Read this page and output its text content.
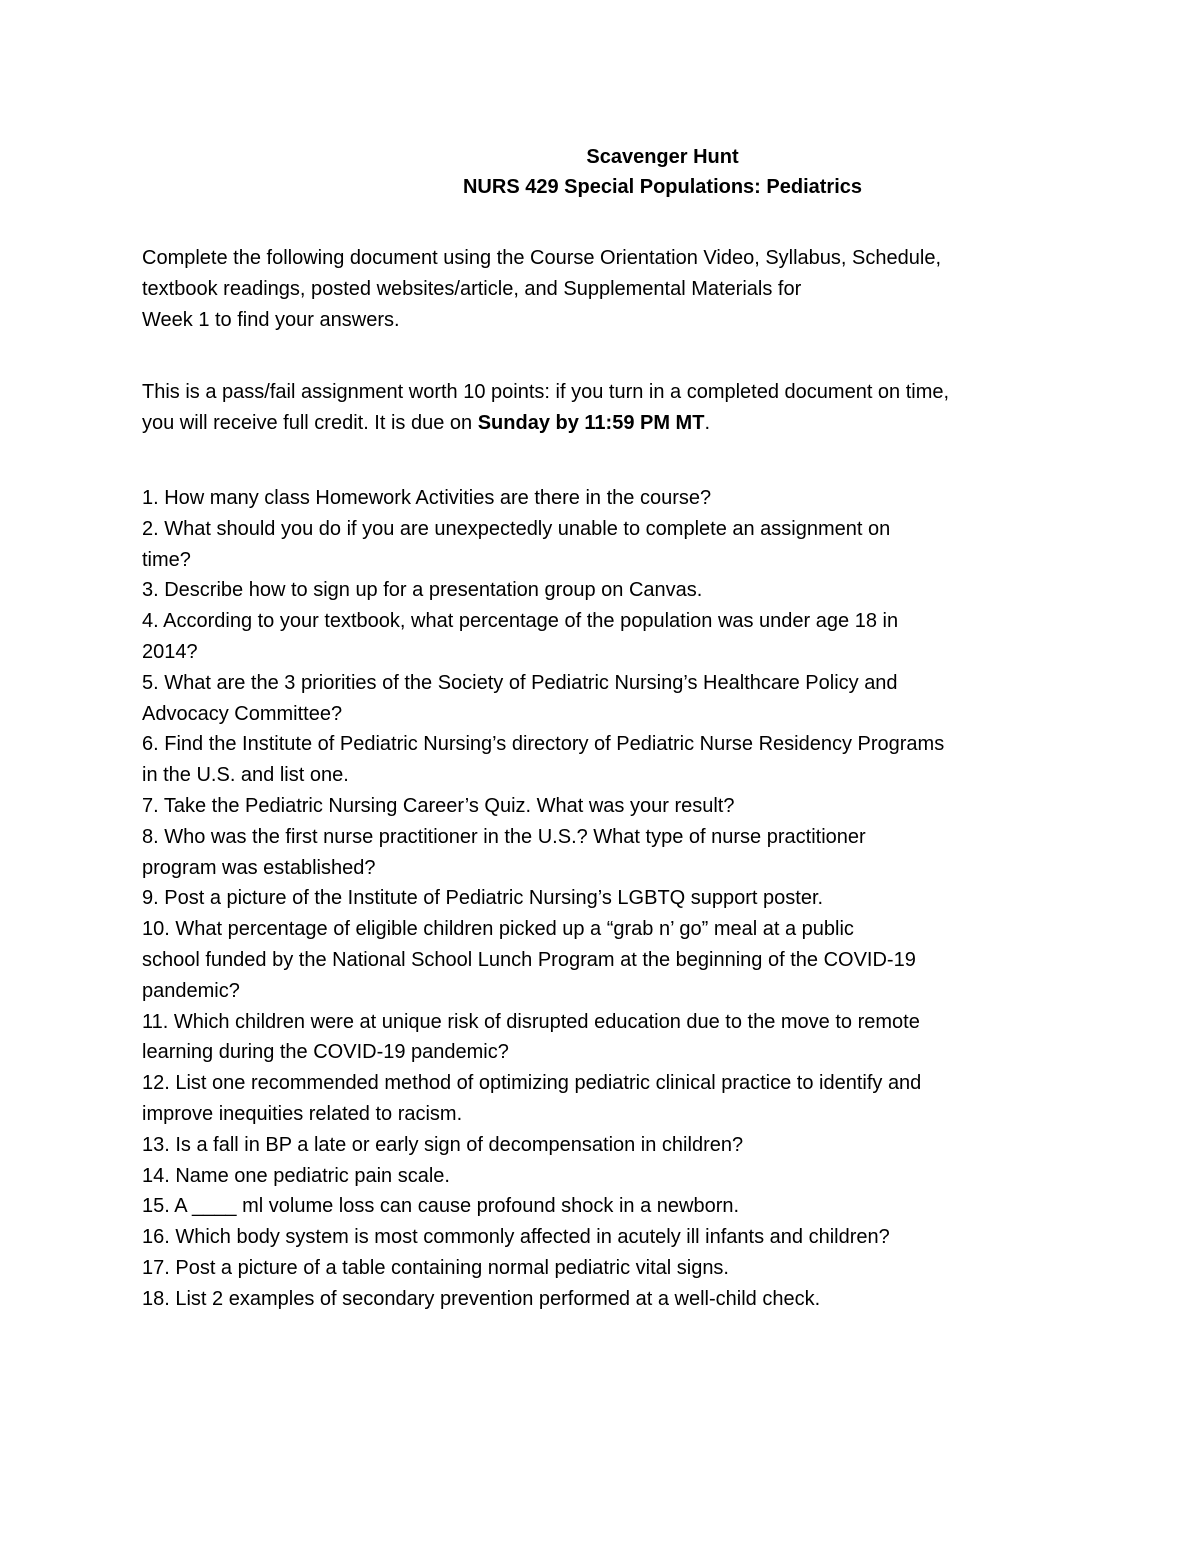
Scavenger Hunt
NURS 429 Special Populations: Pediatrics
Complete the following document using the Course Orientation Video, Syllabus, Schedule,
textbook readings, posted websites/article, and Supplemental Materials for
Week 1 to find your answers.
This is a pass/fail assignment worth 10 points: if you turn in a completed document on time,
you will receive full credit. It is due on Sunday by 11:59 PM MT.
1. How many class Homework Activities are there in the course?
2. What should you do if you are unexpectedly unable to complete an assignment on
time?
3. Describe how to sign up for a presentation group on Canvas.
4. According to your textbook, what percentage of the population was under age 18 in
2014?
5. What are the 3 priorities of the Society of Pediatric Nursing’s Healthcare Policy and
Advocacy Committee?
6. Find the Institute of Pediatric Nursing’s directory of Pediatric Nurse Residency Programs
in the U.S. and list one.
7. Take the Pediatric Nursing Career’s Quiz. What was your result?
8. Who was the first nurse practitioner in the U.S.? What type of nurse practitioner
program was established?
9. Post a picture of the Institute of Pediatric Nursing’s LGBTQ support poster.
10. What percentage of eligible children picked up a “grab n’ go” meal at a public
school funded by the National School Lunch Program at the beginning of the COVID-19
pandemic?
11. Which children were at unique risk of disrupted education due to the move to remote
learning during the COVID-19 pandemic?
12. List one recommended method of optimizing pediatric clinical practice to identify and
improve inequities related to racism.
13. Is a fall in BP a late or early sign of decompensation in children?
14. Name one pediatric pain scale.
15. A ____ ml volume loss can cause profound shock in a newborn.
16. Which body system is most commonly affected in acutely ill infants and children?
17. Post a picture of a table containing normal pediatric vital signs.
18. List 2 examples of secondary prevention performed at a well-child check.
